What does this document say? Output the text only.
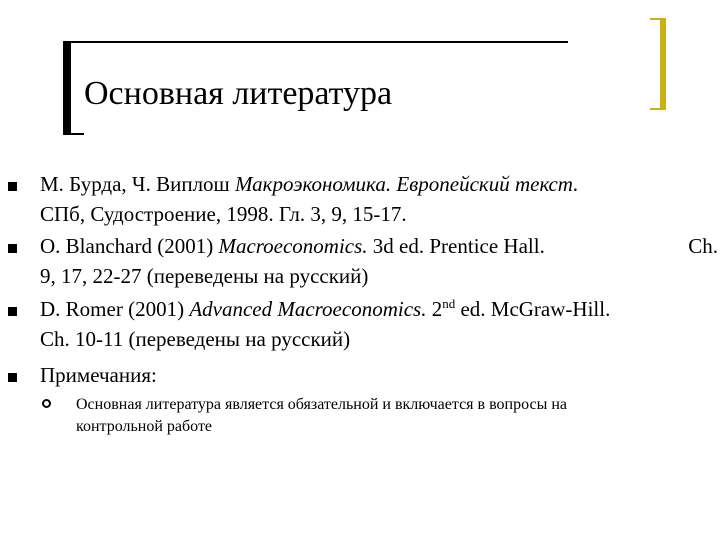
Основная литература
М. Бурда, Ч. Виплош Макроэкономика. Европейский текст.
СПб, Судостроение, 1998. Гл. 3, 9, 15-17.
O. Blanchard (2001) Macroeconomics. 3d ed. Prentice Hall.	Ch.
9, 17, 22-27 (переведены на русский)
D. Romer (2001) Advanced Macroeconomics. 2nd ed. McGraw-Hill.
Ch. 10-11 (переведены на русский)
Примечания:
Основная литература является обязательной и включается в вопросы на
контрольной работе
